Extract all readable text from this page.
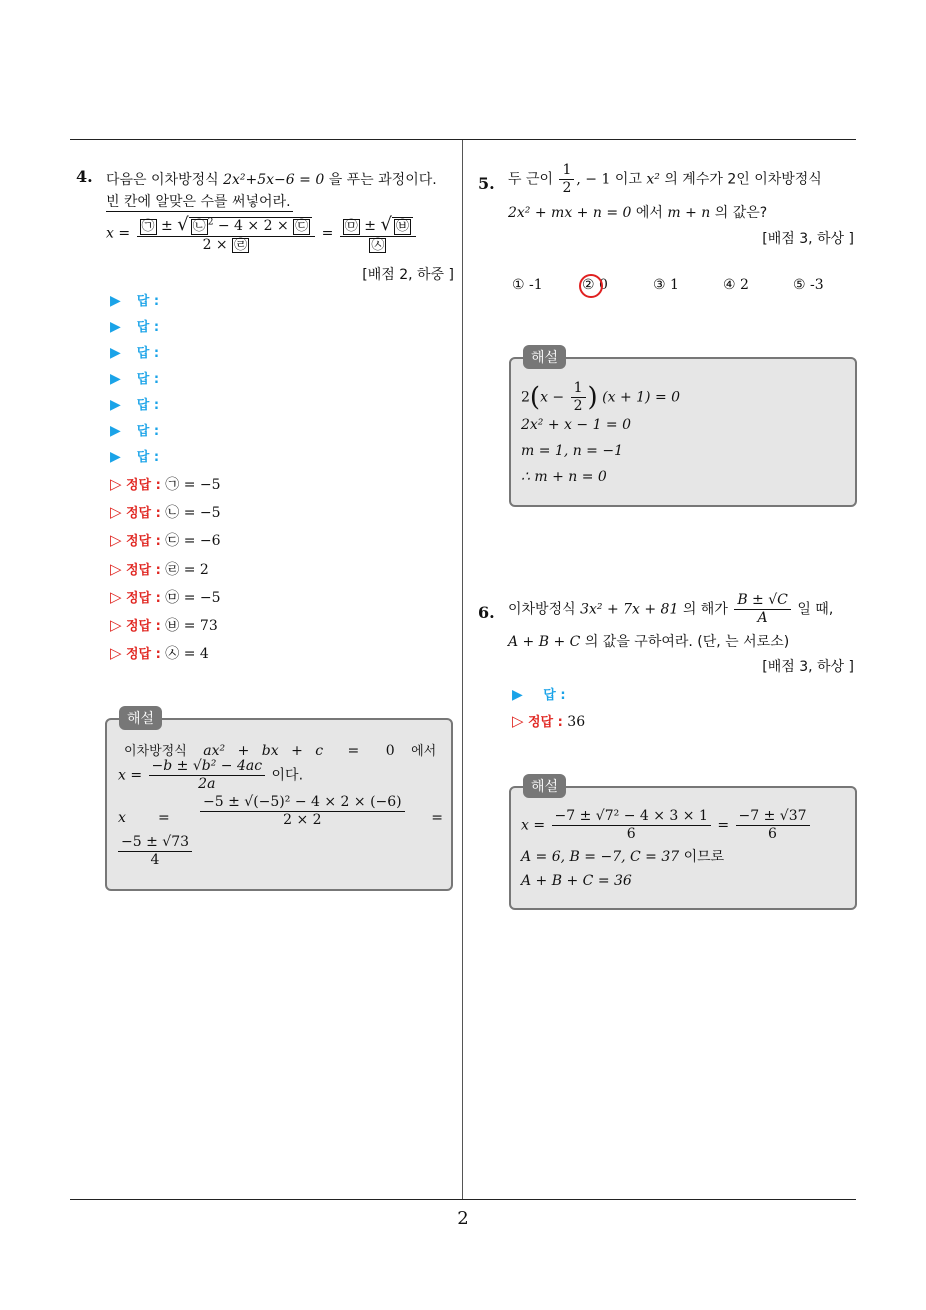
2
4. 다음은 이차방정식 2x²+5x−6 = 0 을 푸는 과정이다.
빈 칸에 알맞은 수를 써넣어라.
$x = \frac{㉠ \pm √ ㉡ ^2 - 4 \times 2 \times ㉢}{2 \times ㉣} = \frac{㉤ \pm √ ㉥}{㉦}$
[배점 2, 하중 ]
▶ 답 :
▶ 답 :
▶ 답 :
▶ 답 :
▶ 답 :
▶ 답 :
▶ 답 :
▷ 정답 : ㉠ = −5
▷ 정답 : ㉡ = −5
▷ 정답 : ㉢ = −6
▷ 정답 : ㉣ = 2
▷ 정답 : ㉤ = −5
▷ 정답 : ㉥ = 73
▷ 정답 : ㉦ = 4
해설
이차방정식 ax² + bx + c = 0 에서
$x = \frac{\text{−b ± √b² − 4ac}}{2a}$ 이다.
$x = \frac{\text{−5 ± √(−5)² − 4 × 2 × (−6)}}{2 \times 2}$ =
$\frac{-5 \pm √73}{4}$
5. 두 근이 $\frac{1}{2}$ , − 1 이고 x² 의 계수가 2인 이차방정식
2x² + mx + n = 0 에서 m + n 의 값은?
[배점 3, 하상 ]
① -1	② 0	③ 1	④ 2	⑤ -3
해설
$2(x - \frac{1}{2}$ ) (x + 1) = 0
2x² + x − 1 = 0
m = 1, n = −1
∴ m + n = 0
6. 이차방정식 3x² + 7x + 81 의 해가 $\frac{B \pm √C}{A}$ 일 때,
A + B + C 의 값을 구하여라. (단, 는 서로소)
[배점 3, 하상 ]
▶ 답 :
▷ 정답 : 36
해설
$x = \frac{\text{−7 ± √7² − 4 × 3 × 1}}{6} = \frac{-7 \pm √37}{6}$
A = 6, B = −7, C = 37 이므로
A + B + C = 36
